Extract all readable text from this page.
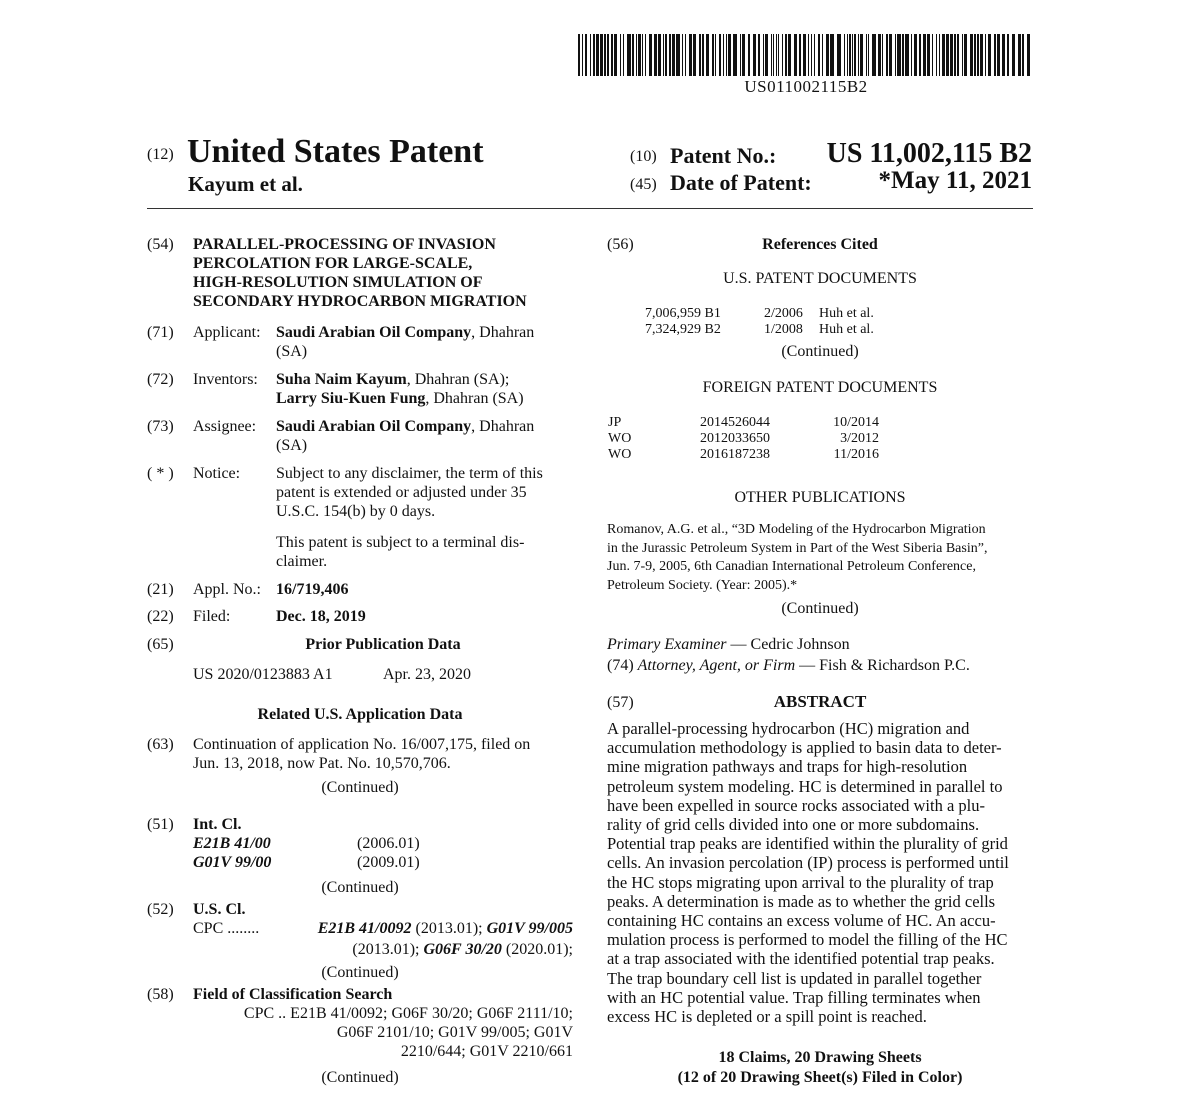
US011002115B2
(12) United States Patent
Kayum et al.
(10) Patent No.:	US 11,002,115 B2
(45) Date of Patent:	*May 11, 2021
(54) PARALLEL-PROCESSING OF INVASION
PERCOLATION FOR LARGE-SCALE,
HIGH-RESOLUTION SIMULATION OF
SECONDARY HYDROCARBON MIGRATION
(71) Applicant: Saudi Arabian Oil Company, Dhahran
(SA)
(72) Inventors: Suha Naim Kayum, Dhahran (SA);
Larry Siu-Kuen Fung, Dhahran (SA)
(73) Assignee: Saudi Arabian Oil Company, Dhahran
(SA)
( * ) Notice: Subject to any disclaimer, the term of this
patent is extended or adjusted under 35
U.S.C. 154(b) by 0 days.
This patent is subject to a terminal dis-
claimer.
(21) Appl. No.: 16/719,406
(22) Filed:	Dec. 18, 2019
(65)	Prior Publication Data
US 2020/0123883 A1	Apr. 23, 2020
Related U.S. Application Data
(63) Continuation of application No. 16/007,175, filed on
Jun. 13, 2018, now Pat. No. 10,570,706.
(Continued)
(51) Int. Cl.
E21B 41/00	(2006.01)
G01V 99/00	(2009.01)
(Continued)
(52) U.S. Cl.
CPC ........	E21B 41/0092 (2013.01); G01V 99/005
(2013.01); G06F 30/20 (2020.01);
(Continued)
(58) Field of Classification Search
CPC .. E21B 41/0092; G06F 30/20; G06F 2111/10;
G06F 2101/10; G01V 99/005; G01V
2210/644; G01V 2210/661
(Continued)
(56)	References Cited
U.S. PATENT DOCUMENTS
7,006,959 B1	2/2006 Huh et al.
7,324,929 B2	1/2008 Huh et al.
(Continued)
FOREIGN PATENT DOCUMENTS
JP	2014526044	10/2014
WO	2012033650	3/2012
WO	2016187238	11/2016
OTHER PUBLICATIONS
Romanov, A.G. et al., “3D Modeling of the Hydrocarbon Migration
in the Jurassic Petroleum System in Part of the West Siberia Basin”,
Jun. 7-9, 2005, 6th Canadian International Petroleum Conference,
Petroleum Society. (Year: 2005).*
(Continued)
Primary Examiner — Cedric Johnson
(74) Attorney, Agent, or Firm — Fish & Richardson P.C.
(57)	ABSTRACT
A parallel-processing hydrocarbon (HC) migration and
accumulation methodology is applied to basin data to deter-
mine migration pathways and traps for high-resolution
petroleum system modeling. HC is determined in parallel to
have been expelled in source rocks associated with a plu-
rality of grid cells divided into one or more subdomains.
Potential trap peaks are identified within the plurality of grid
cells. An invasion percolation (IP) process is performed until
the HC stops migrating upon arrival to the plurality of trap
peaks. A determination is made as to whether the grid cells
containing HC contains an excess volume of HC. An accu-
mulation process is performed to model the filling of the HC
at a trap associated with the identified potential trap peaks.
The trap boundary cell list is updated in parallel together
with an HC potential value. Trap filling terminates when
excess HC is depleted or a spill point is reached.
18 Claims, 20 Drawing Sheets
(12 of 20 Drawing Sheet(s) Filed in Color)
